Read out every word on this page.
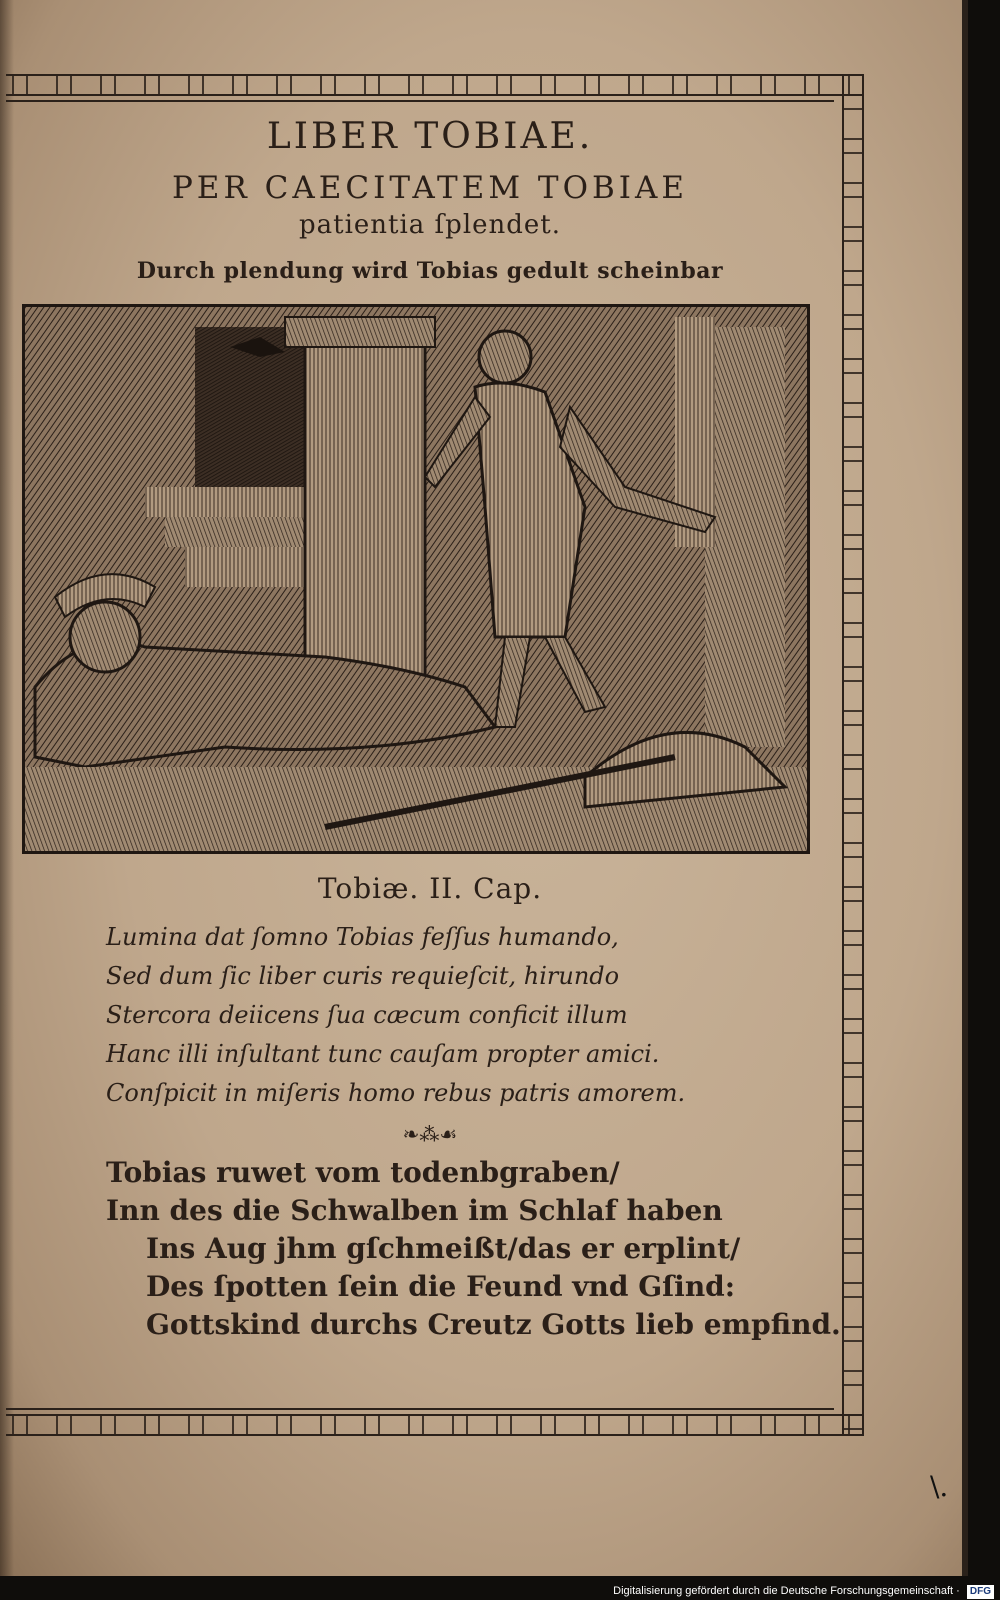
LIBER TOBIAE.
PER CAECITATEM TOBIAE
patientia ſplendet.
Durch plendung wird Tobias gedult scheinbar
Tobiæ. II. Cap.
Lumina dat ſomno Tobias feſſus humando,
Sed dum ſic liber curis requieſcit, hirundo
Stercora deiicens ſua cæcum conficit illum
Hanc illi inſultant tunc cauſam propter amici.
Conſpicit in miſeris homo rebus patris amorem.
❧⁂☙
Tobias ruwet vom todenbgraben/
Inn des die Schwalben im Schlaf haben
Ins Aug jhm gſchmeißt/das er erplint/
Des ſpotten ſein die Feund vnd Gſind:
Gottskind durchs Creutz Gotts lieb empfind.
\.
Digitalisierung gefördert durch die Deutsche Forschungsgemeinschaft · DFG
